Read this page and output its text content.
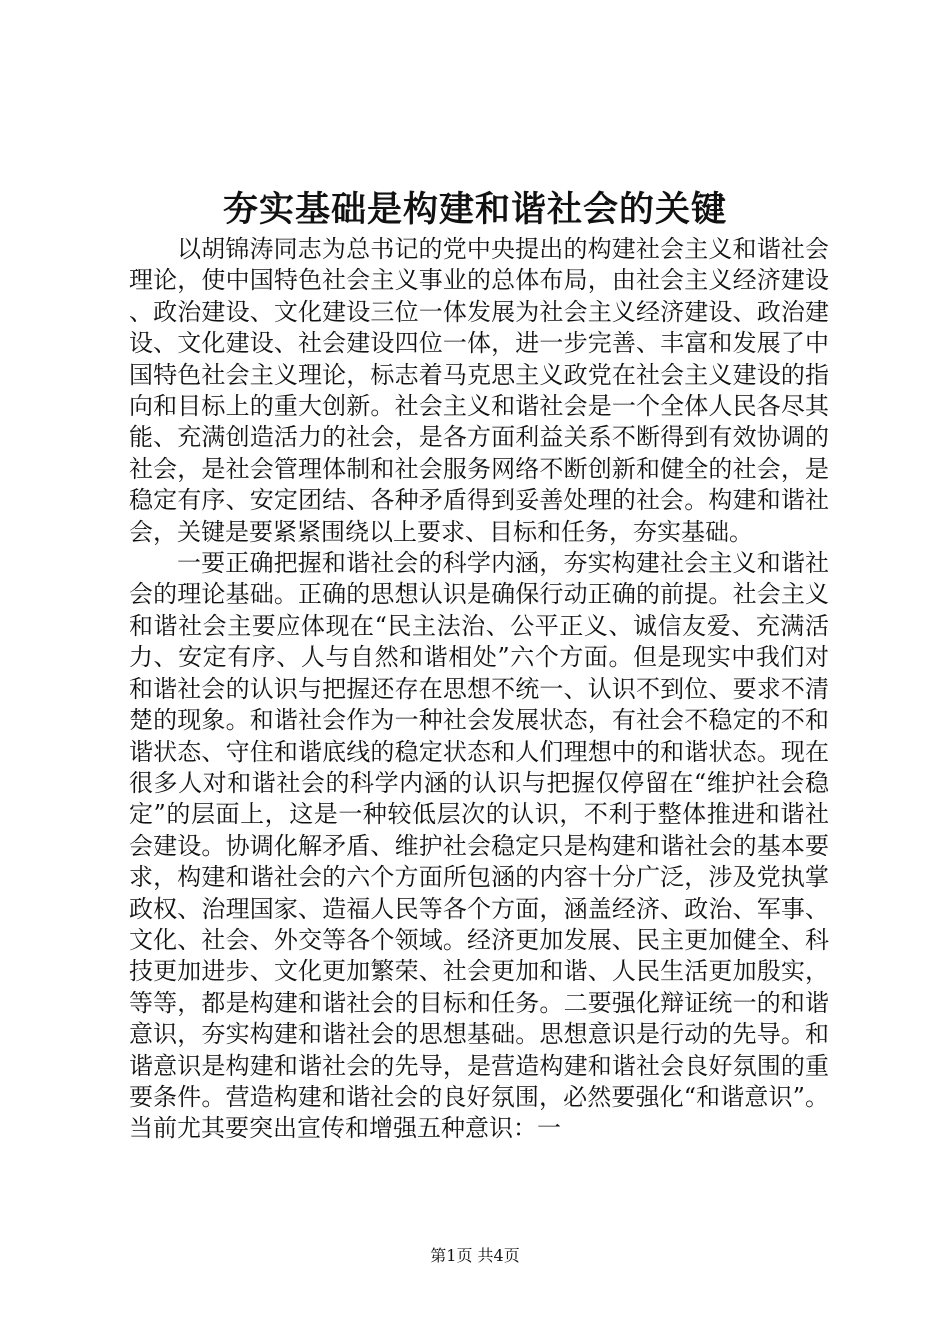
夯实基础是构建和谐社会的关键

以胡锦涛同志为总书记的党中央提出的构建社会主义和谐社会理论，使中国特色社会主义事业的总体布局，由社会主义经济建设、政治建设、文化建设三位一体发展为社会主义经济建设、政治建设、文化建设、社会建设四位一体，进一步完善、丰富和发展了中国特色社会主义理论，标志着马克思主义政党在社会主义建设的指向和目标上的重大创新。社会主义和谐社会是一个全体人民各尽其能、充满创造活力的社会，是各方面利益关系不断得到有效协调的社会，是社会管理体制和社会服务网络不断创新和健全的社会，是稳定有序、安定团结、各种矛盾得到妥善处理的社会。构建和谐社会，关键是要紧紧围绕以上要求、目标和任务，夯实基础。

一要正确把握和谐社会的科学内涵，夯实构建社会主义和谐社会的理论基础。正确的思想认识是确保行动正确的前提。社会主义和谐社会主要应体现在“民主法治、公平正义、诚信友爱、充满活力、安定有序、人与自然和谐相处”六个方面。但是现实中我们对和谐社会的认识与把握还存在思想不统一、认识不到位、要求不清楚的现象。和谐社会作为一种社会发展状态，有社会不稳定的不和谐状态、守住和谐底线的稳定状态和人们理想中的和谐状态。现在很多人对和谐社会的科学内涵的认识与把握仅停留在“维护社会稳定”的层面上，这是一种较低层次的认识，不利于整体推进和谐社会建设。协调化解矛盾、维护社会稳定只是构建和谐社会的基本要求，构建和谐社会的六个方面所包涵的内容十分广泛，涉及党执掌政权、治理国家、造福人民等各个方面，涵盖经济、政治、军事、文化、社会、外交等各个领域。经济更加发展、民主更加健全、科技更加进步、文化更加繁荣、社会更加和谐、人民生活更加殷实，等等，都是构建和谐社会的目标和任务。二要强化辩证统一的和谐意识，夯实构建和谐社会的思想基础。思想意识是行动的先导。和谐意识是构建和谐社会的先导，是营造构建和谐社会良好氛围的重要条件。营造构建和谐社会的良好氛围，必然要强化“和谐意识”。当前尤其要突出宣传和增强五种意识：一

第1页 共4页
